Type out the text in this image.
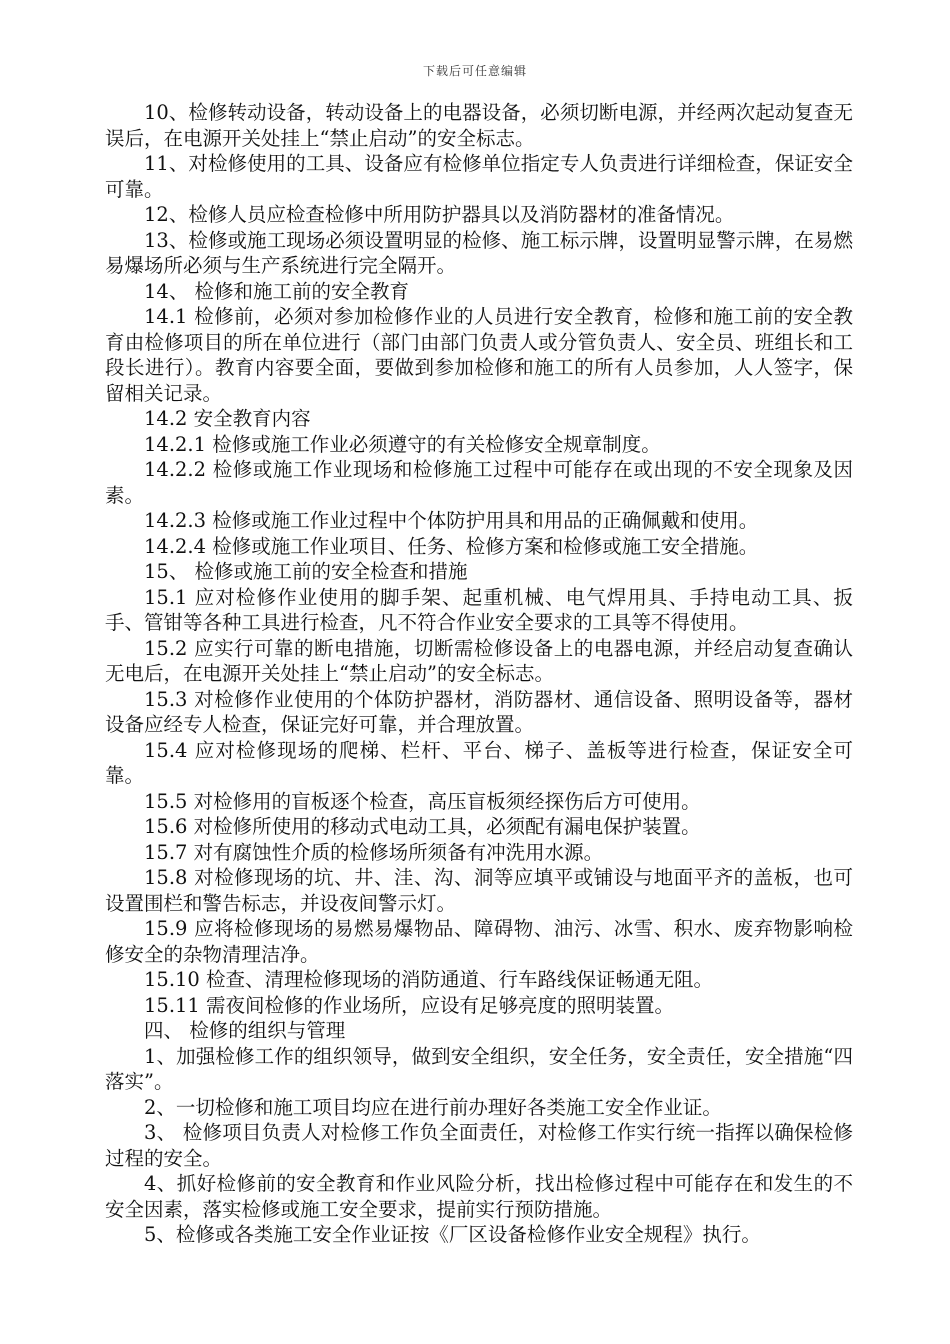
下载后可任意编辑

10、检修转动设备，转动设备上的电器设备，必须切断电源，并经两次起动复查无误后，在电源开关处挂上“禁止启动”的安全标志。

11、对检修使用的工具、设备应有检修单位指定专人负责进行详细检查，保证安全可靠。

12、检修人员应检查检修中所用防护器具以及消防器材的准备情况。

13、检修或施工现场必须设置明显的检修、施工标示牌，设置明显警示牌，在易燃易爆场所必须与生产系统进行完全隔开。

14、 检修和施工前的安全教育

14.1 检修前，必须对参加检修作业的人员进行安全教育，检修和施工前的安全教育由检修项目的所在单位进行（部门由部门负责人或分管负责人、安全员、班组长和工段长进行）。教育内容要全面，要做到参加检修和施工的所有人员参加，人人签字，保留相关记录。

14.2 安全教育内容

14.2.1 检修或施工作业必须遵守的有关检修安全规章制度。

14.2.2 检修或施工作业现场和检修施工过程中可能存在或出现的不安全现象及因素。

14.2.3 检修或施工作业过程中个体防护用具和用品的正确佩戴和使用。

14.2.4 检修或施工作业项目、任务、检修方案和检修或施工安全措施。

15、 检修或施工前的安全检查和措施

15.1 应对检修作业使用的脚手架、起重机械、电气焊用具、手持电动工具、扳手、管钳等各种工具进行检查，凡不符合作业安全要求的工具等不得使用。

15.2 应实行可靠的断电措施，切断需检修设备上的电器电源，并经启动复查确认无电后，在电源开关处挂上“禁止启动”的安全标志。

15.3 对检修作业使用的个体防护器材，消防器材、通信设备、照明设备等，器材设备应经专人检查，保证完好可靠，并合理放置。

15.4 应对检修现场的爬梯、栏杆、平台、梯子、盖板等进行检查，保证安全可靠。

15.5 对检修用的盲板逐个检查，高压盲板须经探伤后方可使用。

15.6 对检修所使用的移动式电动工具，必须配有漏电保护装置。

15.7 对有腐蚀性介质的检修场所须备有冲洗用水源。

15.8 对检修现场的坑、井、洼、沟、洞等应填平或铺设与地面平齐的盖板，也可设置围栏和警告标志，并设夜间警示灯。

15.9 应将检修现场的易燃易爆物品、障碍物、油污、冰雪、积水、废弃物影响检修安全的杂物清理洁净。

15.10 检查、清理检修现场的消防通道、行车路线保证畅通无阻。

15.11 需夜间检修的作业场所，应设有足够亮度的照明装置。

四、 检修的组织与管理

1、加强检修工作的组织领导，做到安全组织，安全任务，安全责任，安全措施“四落实”。

2、一切检修和施工项目均应在进行前办理好各类施工安全作业证。

3、 检修项目负责人对检修工作负全面责任，对检修工作实行统一指挥以确保检修过程的安全。

4、抓好检修前的安全教育和作业风险分析，找出检修过程中可能存在和发生的不安全因素，落实检修或施工安全要求，提前实行预防措施。

5、检修或各类施工安全作业证按《厂区设备检修作业安全规程》执行。
